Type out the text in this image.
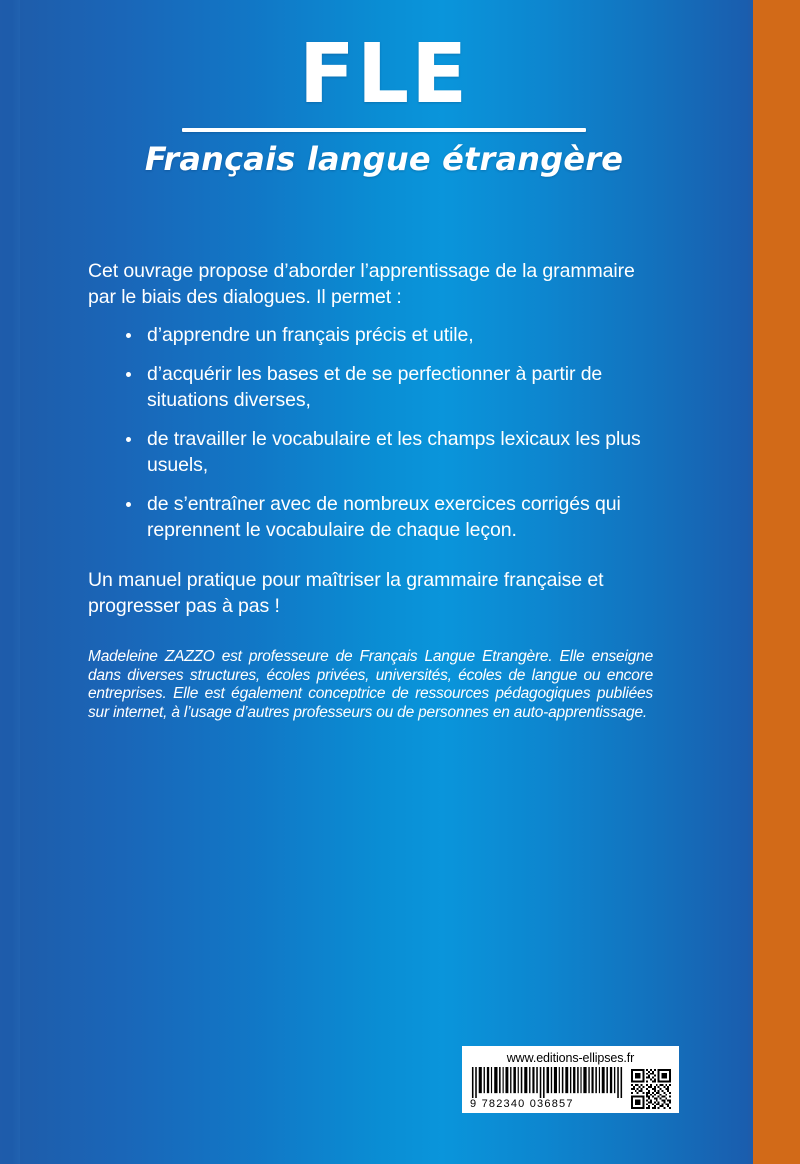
FLE
Français langue étrangère

Cet ouvrage propose d’aborder l’apprentissage de la grammaire par le biais des dialogues. Il permet :

d’apprendre un français précis et utile,
d’acquérir les bases et de se perfectionner à partir de situations diverses,
de travailler le vocabulaire et les champs lexicaux les plus usuels,
de s’entraîner avec de nombreux exercices corrigés qui reprennent le vocabulaire de chaque leçon.

Un manuel pratique pour maîtriser la grammaire française et progresser pas à pas !

Madeleine ZAZZO est professeure de Français Langue Etrangère. Elle enseigne dans diverses structures, écoles privées, universités, écoles de langue ou encore entreprises. Elle est également conceptrice de ressources pédagogiques publiées sur internet, à l’usage d’autres professeurs ou de personnes en auto-apprentissage.

www.editions-ellipses.fr
9 782340 036857
